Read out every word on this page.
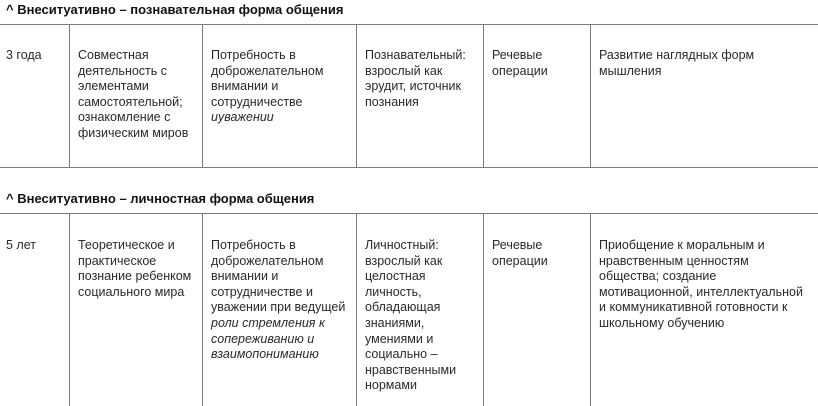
^ Внеситуативно – познавательная форма общения
3 года	Совместная деятельность с элементами самостоятельной; ознакомление с физическим миров
Потребность в доброжелательном внимании и сотрудничестве иуважении
Познавательный: взрослый как эрудит, источник познания
Речевые операции
Развитие наглядных форм мышления
^ Внеситуативно – личностная форма общения
5 лет	Теоретическое и практическое познание ребенком социального мира
Потребность в доброжелательном внимании и сотрудничестве и уважении при ведущей роли стремления к сопереживанию и взаимопониманию
Личностный: взрослый как целостная личность, обладающая знаниями, умениями и социально – нравственными нормами
Речевые операции
Приобщение к моральным и нравственным ценностям общества; создание мотивационной, интеллектуальной и коммуникативной готовности к школьному обучению
